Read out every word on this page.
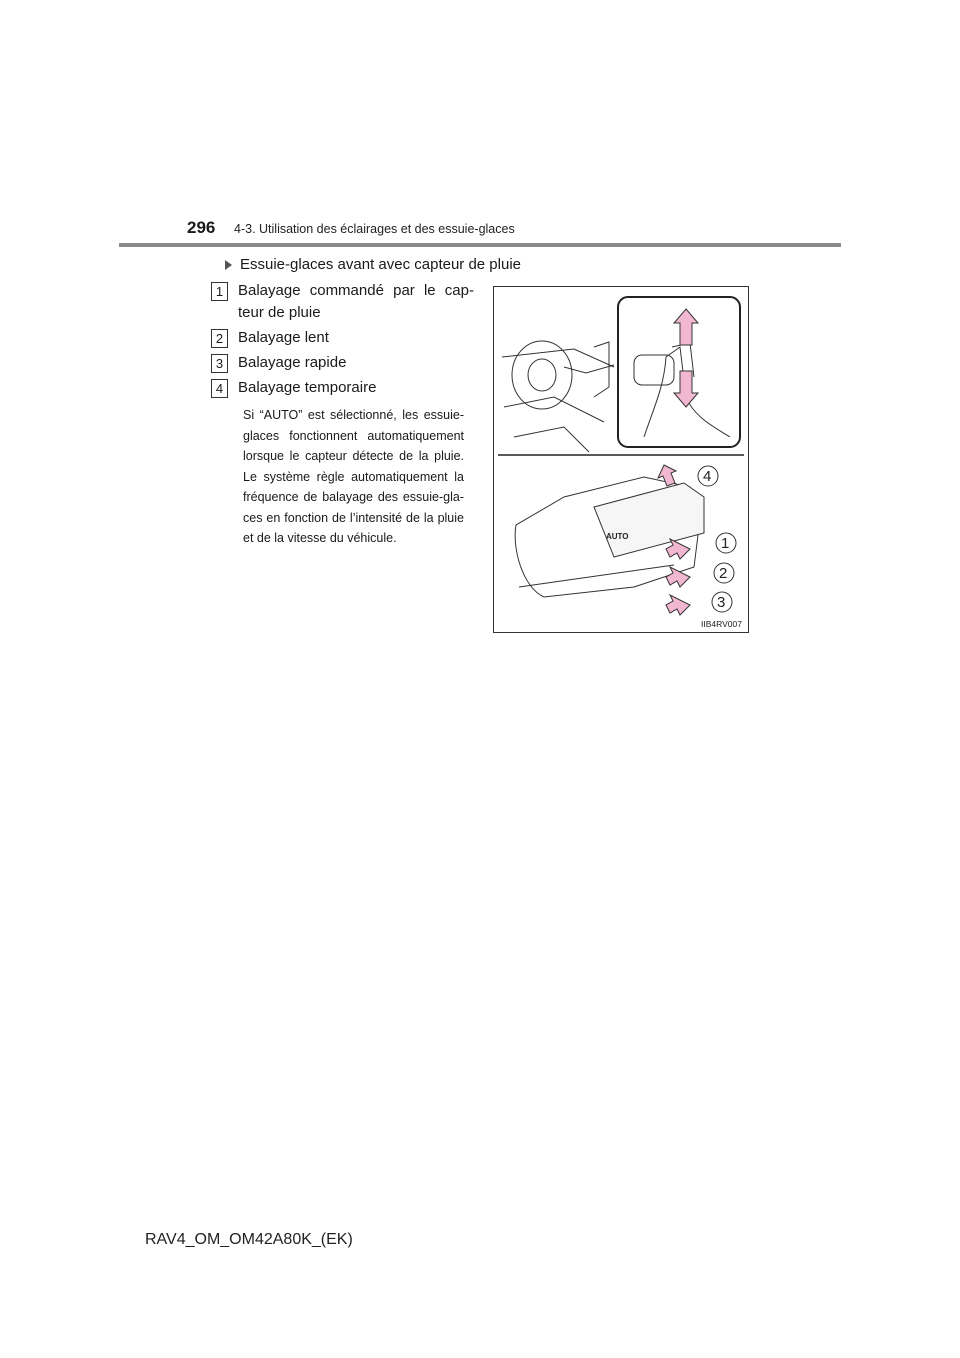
296 4-3. Utilisation des éclairages et des essuie-glaces
Essuie-glaces avant avec capteur de pluie
1 Balayage commandé par le cap-teur de pluie
2 Balayage lent
3 Balayage rapide
4 Balayage temporaire
Si “AUTO” est sélectionné, les essuie-glaces fonctionnent automatiquement lorsque le capteur détecte de la pluie. Le système règle automatiquement la fréquence de balayage des essuie-gla-ces en fonction de l’intensité de la pluie et de la vitesse du véhicule.	AUTO
4
1
2
3
IIB4RV007
RAV4_OM_OM42A80K_(EK)
